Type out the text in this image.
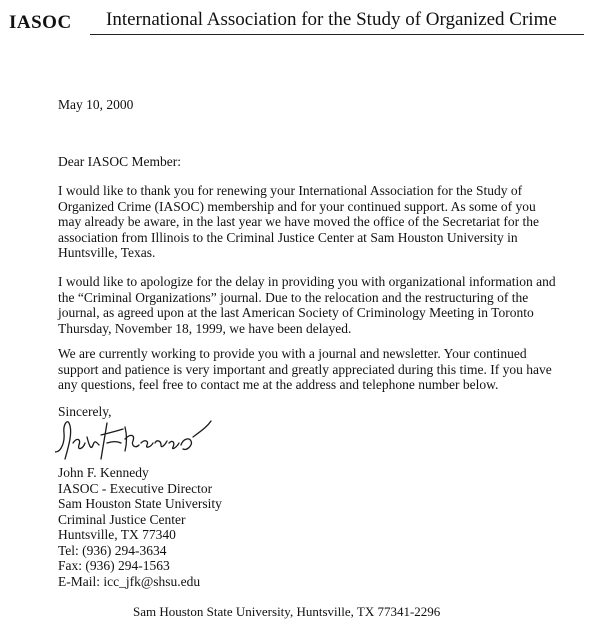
IASOC International Association for the Study of Organized Crime
May 10, 2000
Dear IASOC Member:

I would like to thank you for renewing your International Association for the Study of Organized Crime (IASOC) membership and for your continued support. As some of you may already be aware, in the last year we have moved the office of the Secretariat for the association from Illinois to the Criminal Justice Center at Sam Houston University in Huntsville, Texas.

I would like to apologize for the delay in providing you with organizational information and the “Criminal Organizations” journal. Due to the relocation and the restructuring of the journal, as agreed upon at the last American Society of Criminology Meeting in Toronto Thursday, November 18, 1999, we have been delayed.

We are currently working to provide you with a journal and newsletter. Your continued support and patience is very important and greatly appreciated during this time. If you have any questions, feel free to contact me at the address and telephone number below.

Sincerely,
John F. Kennedy
IASOC - Executive Director
Sam Houston State University
Criminal Justice Center
Huntsville, TX 77340
Tel: (936) 294-3634
Fax: (936) 294-1563
E-Mail: icc_jfk@shsu.edu
Sam Houston State University, Huntsville, TX 77341-2296
